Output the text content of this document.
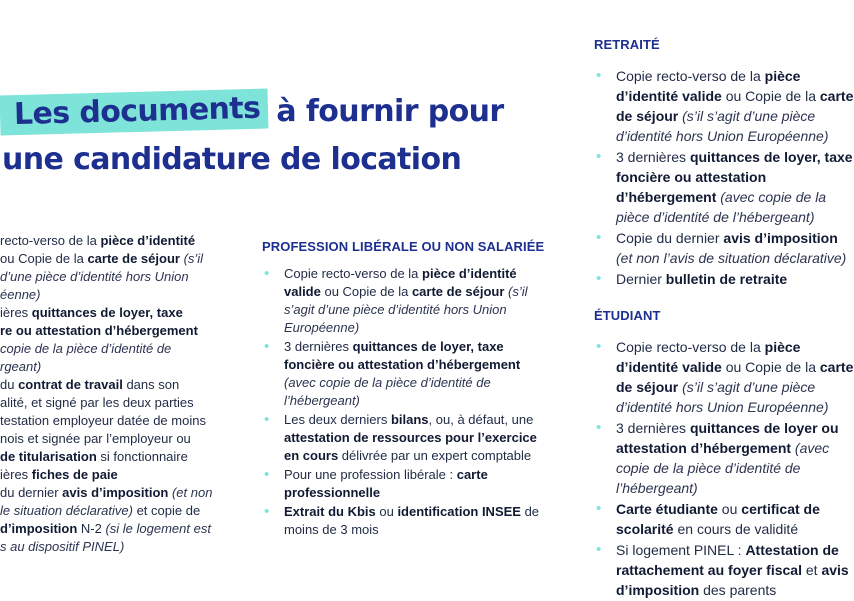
Les documents à fournir pour
une candidature de location
recto-verso de la pièce d’identité
ou Copie de la carte de séjour (s’il
d’une pièce d’identité hors Union
éenne)
ières quittances de loyer, taxe
re ou attestation d’hébergement
copie de la pièce d’identité de
rgeant)
du contrat de travail dans son
alité, et signé par les deux parties
testation employeur datée de moins
nois et signée par l’employeur ou
de titularisation si fonctionnaire
ières fiches de paie
du dernier avis d’imposition (et non
le situation déclarative) et copie de
d’imposition N-2 (si le logement est
s au dispositif PINEL)
PROFESSION LIBÉRALE OU NON SALARIÉE
• Copie recto-verso de la pièce d’identité valide ou Copie de la carte de séjour (s’il s’agit d’une pièce d’identité hors Union Européenne)
• 3 dernières quittances de loyer, taxe foncière ou attestation d’hébergement (avec copie de la pièce d’identité de l’hébergeant)
• Les deux derniers bilans, ou, à défaut, une attestation de ressources pour l’exercice en cours délivrée par un expert comptable
• Pour une profession libérale : carte professionnelle
• Extrait du Kbis ou identification INSEE de moins de 3 mois
RETRAITÉ
• Copie recto-verso de la pièce d’identité valide ou Copie de la carte de séjour (s’il s’agit d’une pièce d’identité hors Union Européenne)
• 3 dernières quittances de loyer, taxe foncière ou attestation d’hébergement (avec copie de la pièce d’identité de l’hébergeant)
• Copie du dernier avis d’imposition (et non l’avis de situation déclarative)
• Dernier bulletin de retraite
ÉTUDIANT
• Copie recto-verso de la pièce d’identité valide ou Copie de la carte de séjour (s’il s’agit d’une pièce d’identité hors Union Européenne)
• 3 dernières quittances de loyer ou attestation d’hébergement (avec copie de la pièce d’identité de l’hébergeant)
• Carte étudiante ou certificat de scolarité en cours de validité
• Si logement PINEL : Attestation de rattachement au foyer fiscal et avis d’imposition des parents
